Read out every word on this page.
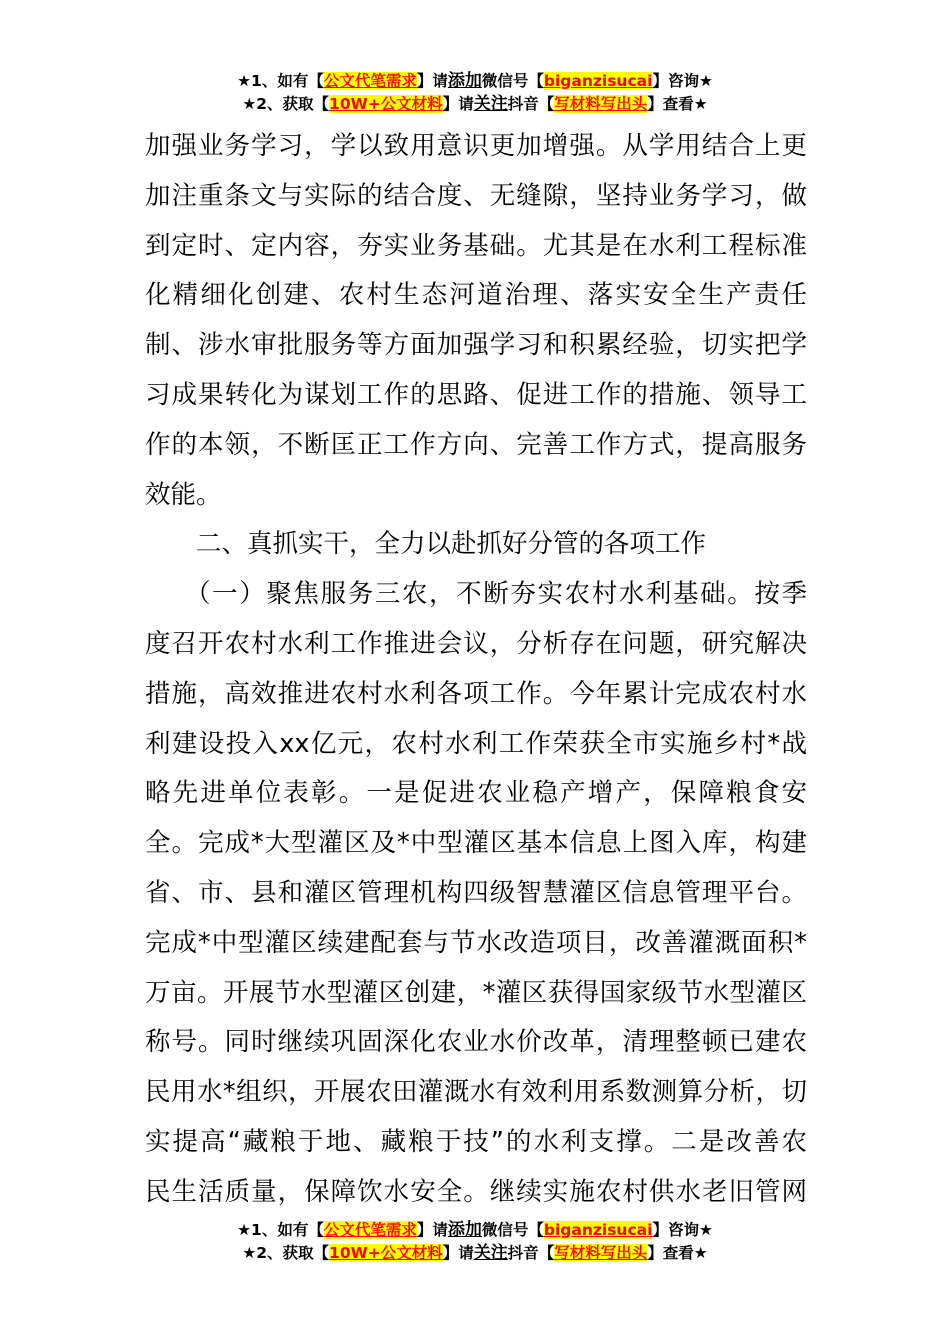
★1、如有【公文代笔需求】请添加微信号【biganzisucai】咨询★
★2、获取【10W+公文材料】请关注抖音【写材料写出头】查看★
加强业务学习，学以致用意识更加增强。从学用结合上更
加注重条文与实际的结合度、无缝隙，坚持业务学习，做
到定时、定内容，夯实业务基础。尤其是在水利工程标准
化精细化创建、农村生态河道治理、落实安全生产责任
制、涉水审批服务等方面加强学习和积累经验，切实把学
习成果转化为谋划工作的思路、促进工作的措施、领导工
作的本领，不断匡正工作方向、完善工作方式，提高服务
效能。
二、真抓实干，全力以赴抓好分管的各项工作
（一）聚焦服务三农，不断夯实农村水利基础。按季
度召开农村水利工作推进会议，分析存在问题，研究解决
措施，高效推进农村水利各项工作。今年累计完成农村水
利建设投入xx亿元，农村水利工作荣获全市实施乡村*战
略先进单位表彰。一是促进农业稳产增产，保障粮食安
全。完成*大型灌区及*中型灌区基本信息上图入库，构建
省、市、县和灌区管理机构四级智慧灌区信息管理平台。
完成*中型灌区续建配套与节水改造项目，改善灌溉面积*
万亩。开展节水型灌区创建，*灌区获得国家级节水型灌区
称号。同时继续巩固深化农业水价改革，清理整顿已建农
民用水*组织，开展农田灌溉水有效利用系数测算分析，切
实提高“藏粮于地、藏粮于技”的水利支撑。二是改善农
民生活质量，保障饮水安全。继续实施农村供水老旧管网
★1、如有【公文代笔需求】请添加微信号【biganzisucai】咨询★
★2、获取【10W+公文材料】请关注抖音【写材料写出头】查看★
